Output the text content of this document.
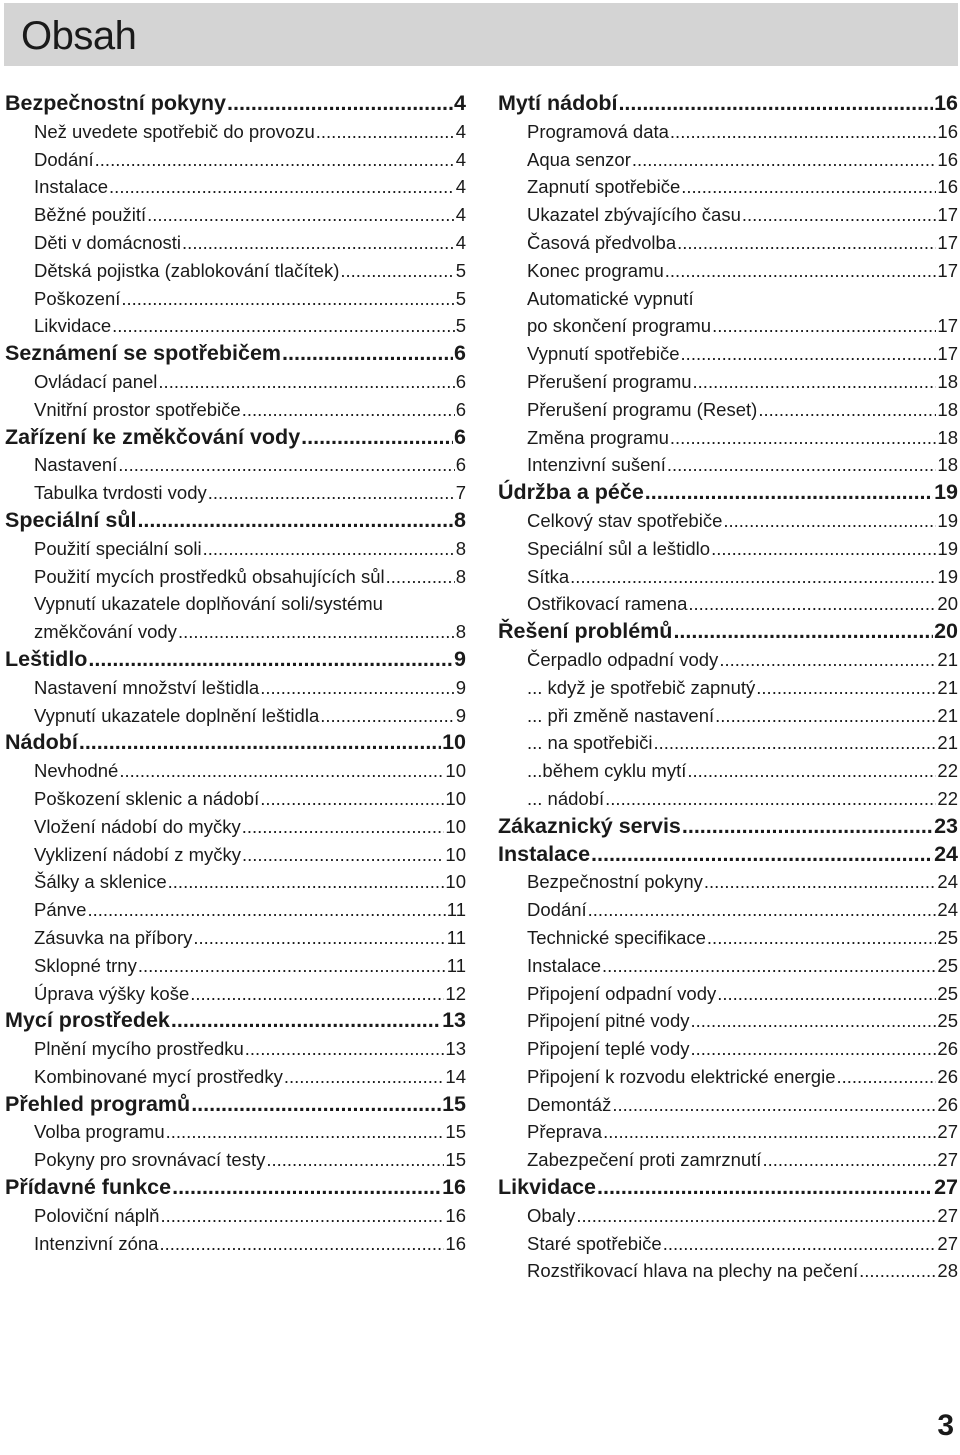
Obsah
Bezpečnostní pokyny .....	4
Než uvedete spotřebič do provozu .....	4
Dodání .....	4
Instalace .....	4
Běžné použití .....	4
Děti v domácnosti .....	4
Dětská pojistka (zablokování tlačítek) .....	5
Poškození .....	5
Likvidace .....	5
Seznámení se spotřebičem .....	6
Ovládací panel .....	6
Vnitřní prostor spotřebiče .....	6
Zařízení ke změkčování vody .....	6
Nastavení .....	6
Tabulka tvrdosti vody .....	7
Speciální sůl .....	8
Použití speciální soli .....	8
Použití mycích prostředků obsahujících sůl .....	8
Vypnutí ukazatele doplňování soli/systému
změkčování vody .....	8
Leštidlo .....	9
Nastavení množství leštidla .....	9
Vypnutí ukazatele doplnění leštidla .....	9
Nádobí .....	10
Nevhodné .....	10
Poškození sklenic a nádobí .....	10
Vložení nádobí do myčky .....	10
Vyklizení nádobí z myčky .....	10
Šálky a sklenice .....	10
Pánve .....	11
Zásuvka na příbory .....	11
Sklopné trny .....	11
Úprava výšky koše .....	12
Mycí prostředek .....	13
Plnění mycího prostředku .....	13
Kombinované mycí prostředky .....	14
Přehled programů .....	15
Volba programu .....	15
Pokyny pro srovnávací testy .....	15
Přídavné funkce .....	16
Poloviční náplň .....	16
Intenzivní zóna .....	16
Mytí nádobí .....	16
Programová data .....	16
Aqua senzor .....	16
Zapnutí spotřebiče .....	16
Ukazatel zbývajícího času .....	17
Časová předvolba .....	17
Konec programu .....	17
Automatické vypnutí
po skončení programu .....	17
Vypnutí spotřebiče .....	17
Přerušení programu .....	18
Přerušení programu (Reset) .....	18
Změna programu .....	18
Intenzivní sušení .....	18
Údržba a péče .....	19
Celkový stav spotřebiče .....	19
Speciální sůl a leštidlo .....	19
Sítka .....	19
Ostřikovací ramena .....	20
Řešení problémů .....	20
Čerpadlo odpadní vody .....	21
... když je spotřebič zapnutý .....	21
... při změně nastavení .....	21
... na spotřebiči .....	21
...během cyklu mytí .....	22
... nádobí .....	22
Zákaznický servis .....	23
Instalace .....	24
Bezpečnostní pokyny .....	24
Dodání .....	24
Technické specifikace .....	25
Instalace .....	25
Připojení odpadní vody .....	25
Připojení pitné vody .....	25
Připojení teplé vody .....	26
Připojení k rozvodu elektrické energie .....	26
Demontáž .....	26
Přeprava .....	27
Zabezpečení proti zamrznutí .....	27
Likvidace .....	27
Obaly .....	27
Staré spotřebiče .....	27
Rozstřikovací hlava na plechy na pečení .....	28
3
